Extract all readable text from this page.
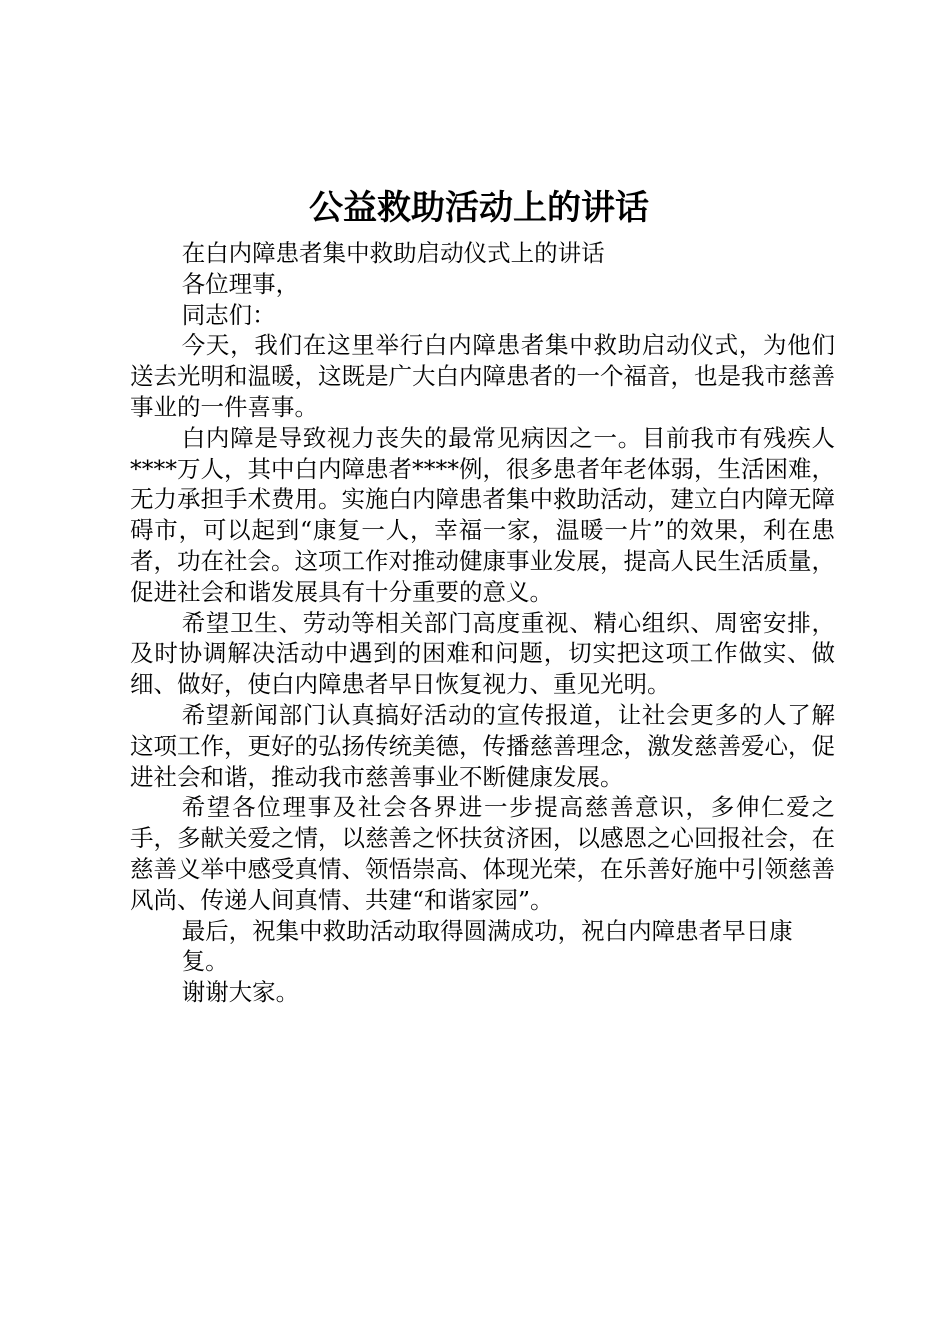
公益救助活动上的讲话

在白内障患者集中救助启动仪式上的讲话

各位理事，

同志们：

今天，我们在这里举行白内障患者集中救助启动仪式，为他们送去光明和温暖，这既是广大白内障患者的一个福音，也是我市慈善事业的一件喜事。

白内障是导致视力丧失的最常见病因之一。目前我市有残疾人****万人，其中白内障患者****例，很多患者年老体弱，生活困难，无力承担手术费用。实施白内障患者集中救助活动，建立白内障无障碍市，可以起到“康复一人，幸福一家，温暖一片”的效果，利在患者，功在社会。这项工作对推动健康事业发展，提高人民生活质量，促进社会和谐发展具有十分重要的意义。

希望卫生、劳动等相关部门高度重视、精心组织、周密安排，及时协调解决活动中遇到的困难和问题，切实把这项工作做实、做细、做好，使白内障患者早日恢复视力、重见光明。

希望新闻部门认真搞好活动的宣传报道，让社会更多的人了解这项工作，更好的弘扬传统美德，传播慈善理念，激发慈善爱心，促进社会和谐，推动我市慈善事业不断健康发展。

希望各位理事及社会各界进一步提高慈善意识，多伸仁爱之手，多献关爱之情，以慈善之怀扶贫济困，以感恩之心回报社会，在慈善义举中感受真情、领悟崇高、体现光荣，在乐善好施中引领慈善风尚、传递人间真情、共建“和谐家园”。

最后，祝集中救助活动取得圆满成功，祝白内障患者早日康

复。

谢谢大家。
